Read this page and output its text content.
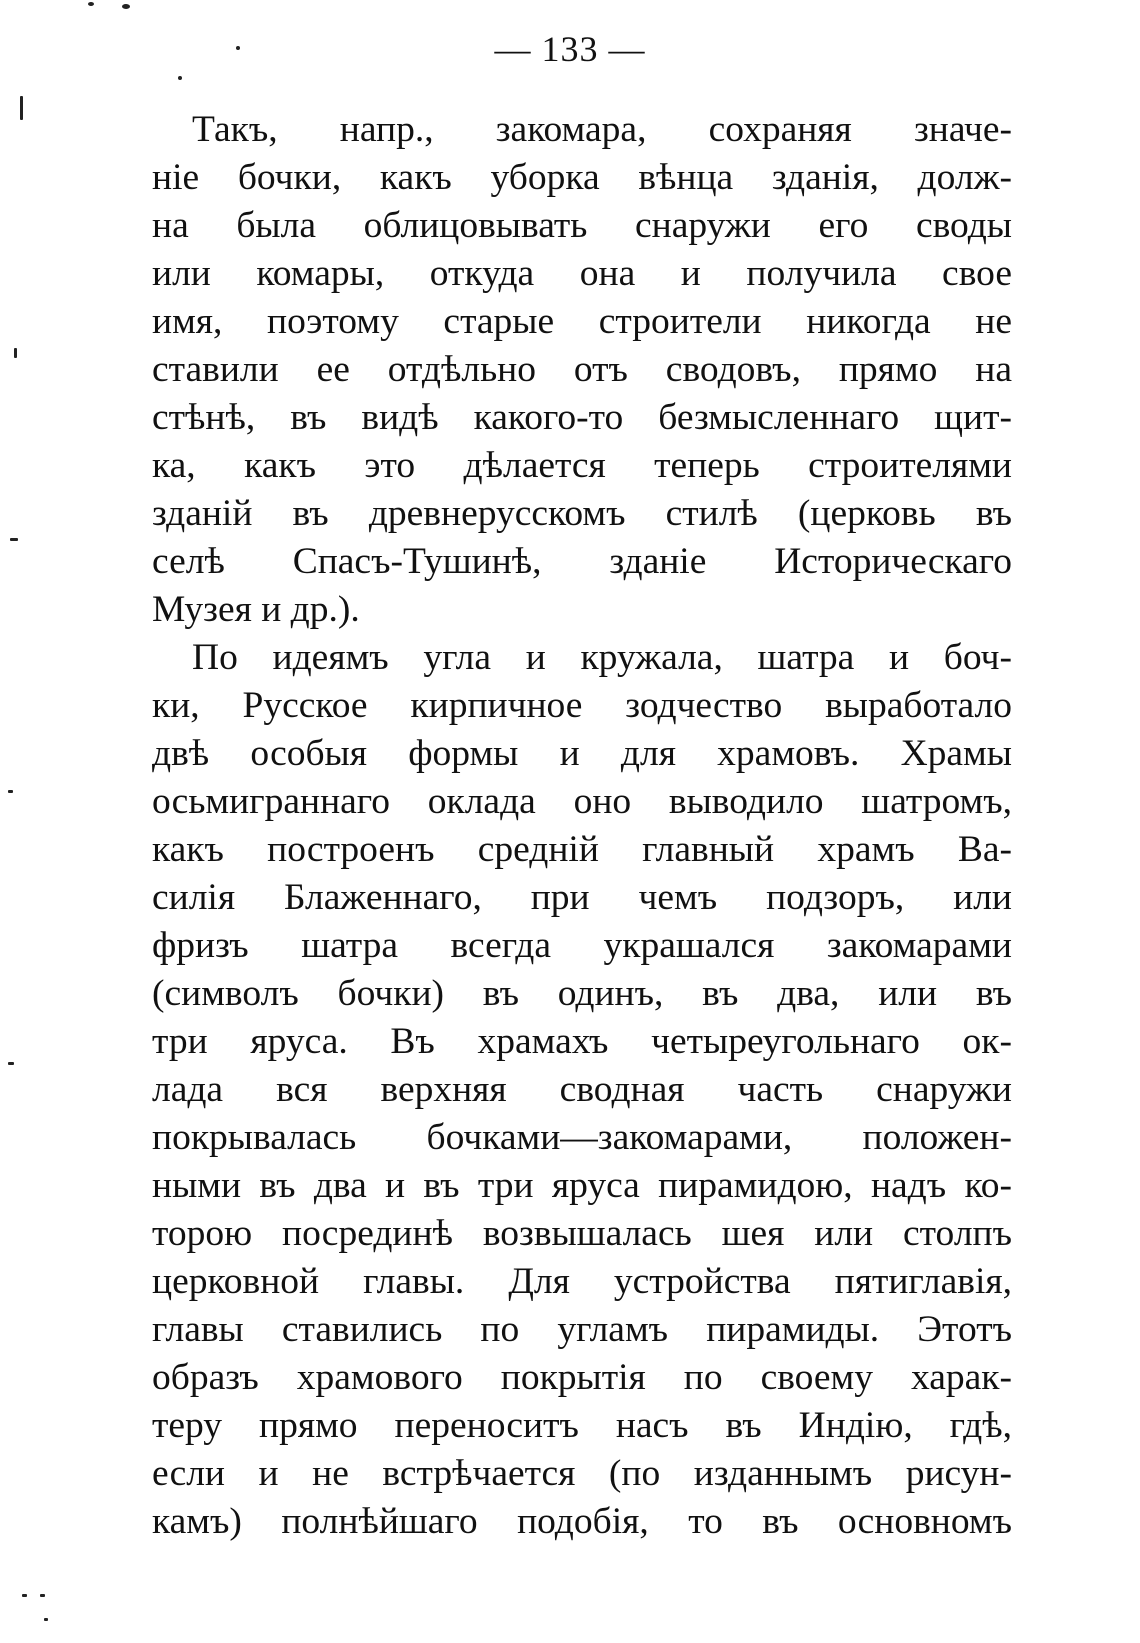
— 133 —
Такъ, напр., закомара, сохраняя значе-
ніе бочки, какъ уборка вѣнца зданія, долж-
на была облицовывать снаружи его своды
или комары, откуда она и получила свое
имя, поэтому старые строители никогда не
ставили ее отдѣльно отъ сводовъ, прямо на
стѣнѣ, въ видѣ какого-то безмысленнаго щит-
ка, какъ это дѣлается теперь строителями
зданій въ древнерусскомъ стилѣ (церковь въ
селѣ Спасъ-Тушинѣ, зданіе Историческаго
Музея и др.).
По идеямъ угла и кружала, шатра и боч-
ки, Русское кирпичное зодчество выработало
двѣ особыя формы и для храмовъ. Храмы
осьмиграннаго оклада оно выводило шатромъ,
какъ построенъ средній главный храмъ Ва-
силія Блаженнаго, при чемъ подзоръ, или
фризъ шатра всегда украшался закомарами
(символъ бочки) въ одинъ, въ два, или въ
три яруса. Въ храмахъ четыреугольнаго ок-
лада вся верхняя сводная часть снаружи
покрывалась бочками—закомарами, положен-
ными въ два и въ три яруса пирамидою, надъ ко-
торою посрединѣ возвышалась шея или столпъ
церковной главы. Для устройства пятиглавія,
главы ставились по угламъ пирамиды. Этотъ
образъ храмового покрытія по своему харак-
теру прямо переноситъ насъ въ Индію, гдѣ,
если и не встрѣчается (по изданнымъ рисун-
камъ) полнѣйшаго подобія, то въ основномъ
